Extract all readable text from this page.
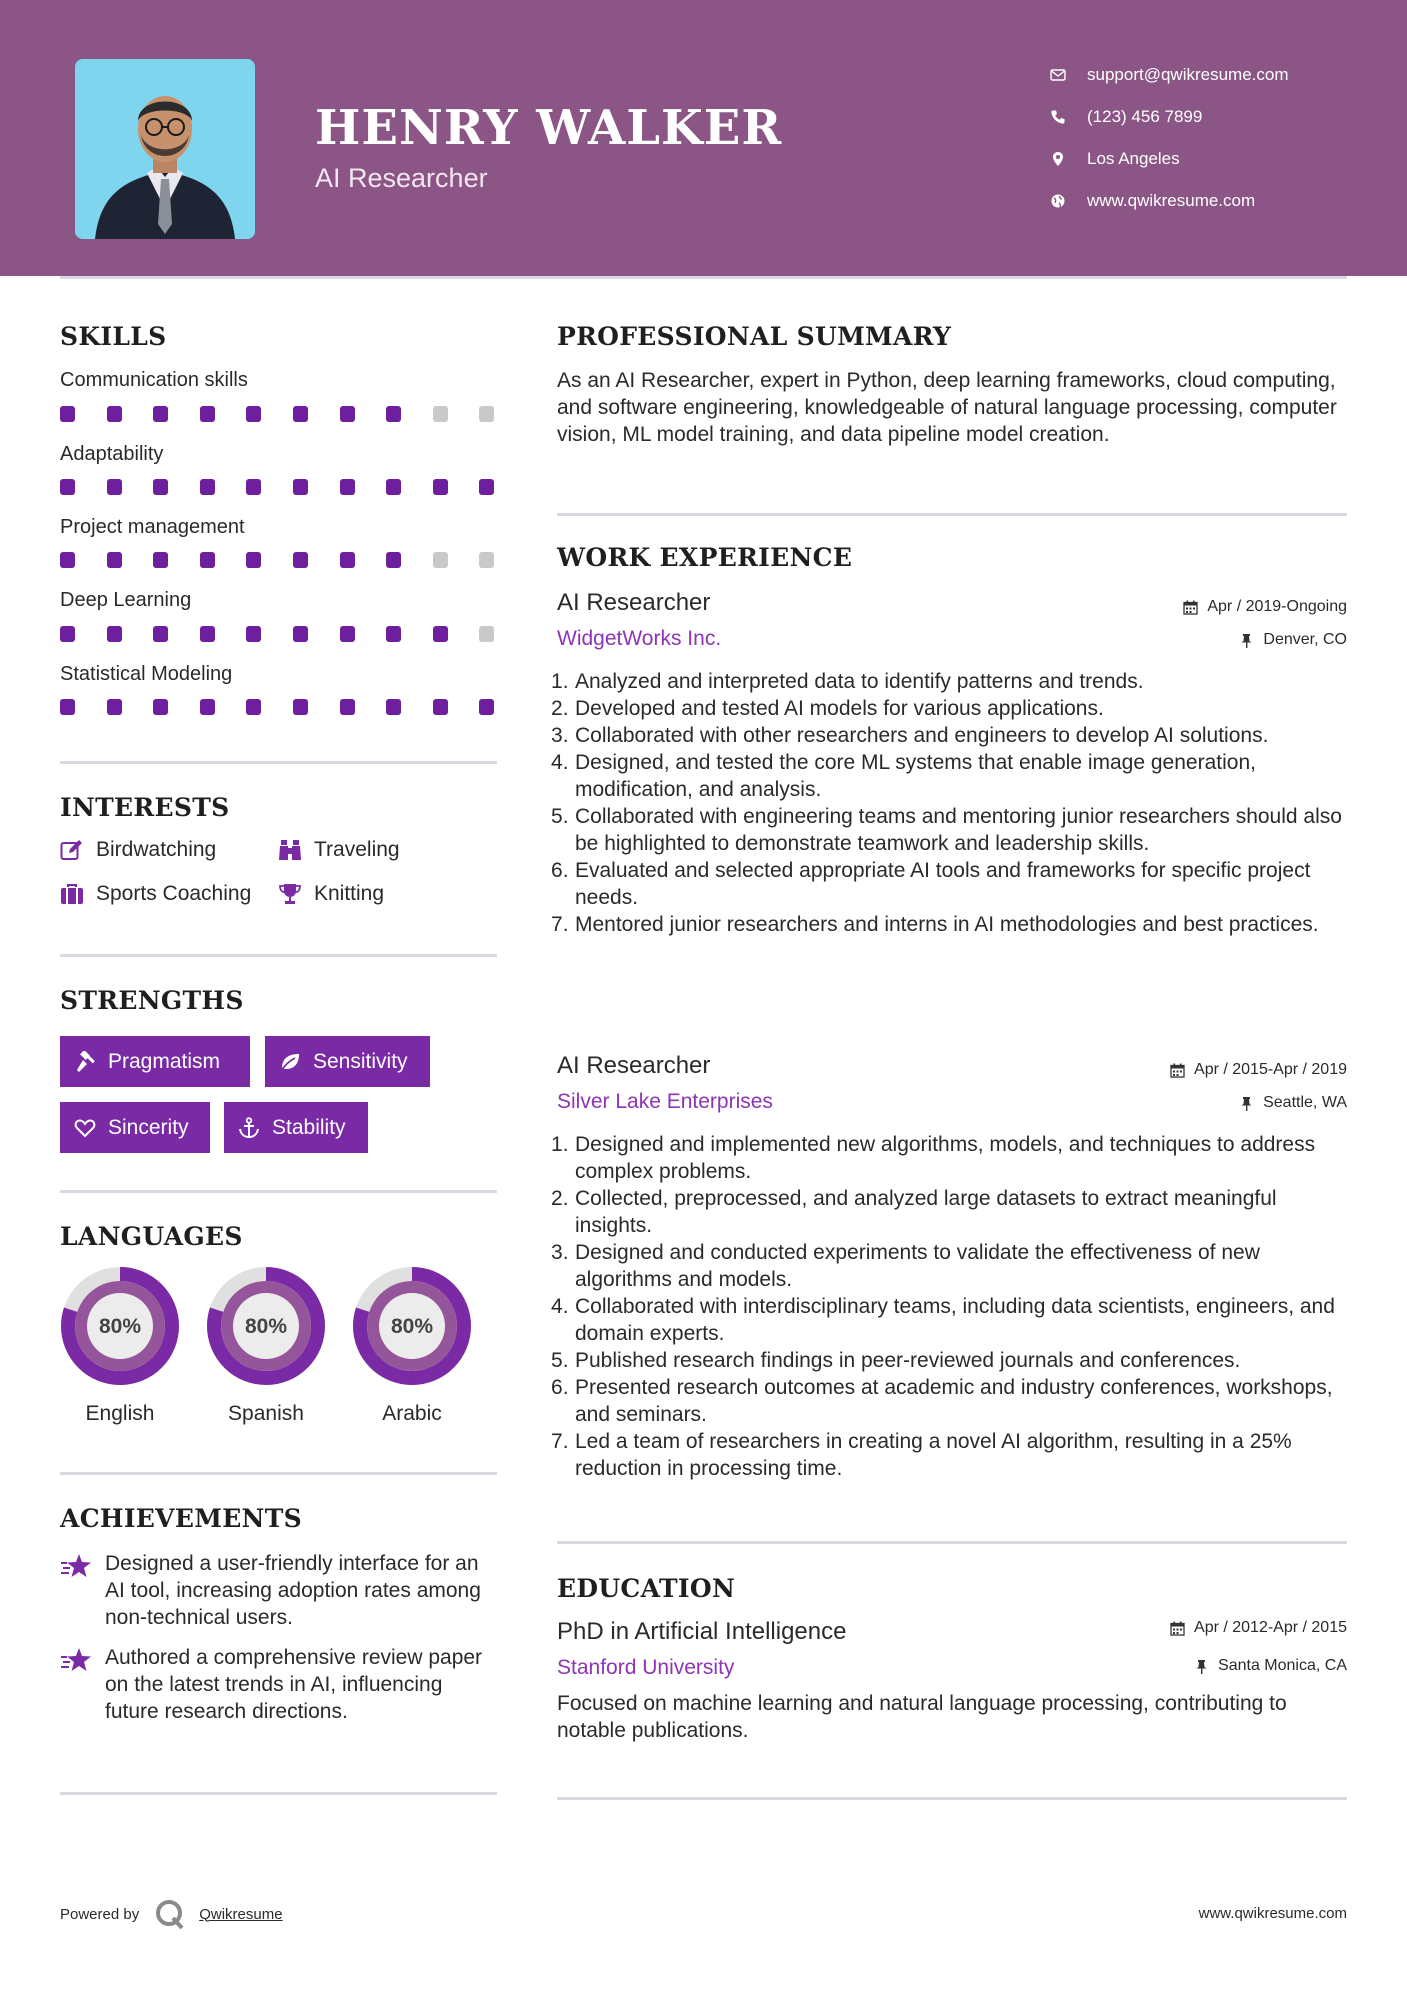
HENRY WALKER
AI Researcher
support@qwikresume.com
(123) 456 7899
Los Angeles
www.qwikresume.com
SKILLS
Communication skills
Adaptability
Project management
Deep Learning
Statistical Modeling
INTERESTS
Birdwatching	Traveling
Sports Coaching	Knitting
STRENGTHS
Pragmatism	Sensitivity
Sincerity	Stability
LANGUAGES
80%
English
80%
Spanish
80%
Arabic
ACHIEVEMENTS

Designed a user-friendly interface for an AI tool, increasing adoption rates among non-technical users.

Authored a comprehensive review paper on the latest trends in AI, influencing future research directions.

PROFESSIONAL SUMMARY
As an AI Researcher, expert in Python, deep learning frameworks, cloud computing, and software engineering, knowledgeable of natural language processing, computer vision, ML model training, and data pipeline model creation.
WORK EXPERIENCE
AI Researcher	Apr / 2019-Ongoing
WidgetWorks Inc.	Denver, CO
Analyzed and interpreted data to identify patterns and trends.
Developed and tested AI models for various applications.
Collaborated with other researchers and engineers to develop AI solutions.
Designed, and tested the core ML systems that enable image generation, modification, and analysis.
Collaborated with engineering teams and mentoring junior researchers should also be highlighted to demonstrate teamwork and leadership skills.
Evaluated and selected appropriate AI tools and frameworks for specific project needs.
Mentored junior researchers and interns in AI methodologies and best practices.
AI Researcher	Apr / 2015-Apr / 2019
Silver Lake Enterprises	Seattle, WA
Designed and implemented new algorithms, models, and techniques to address complex problems.
Collected, preprocessed, and analyzed large datasets to extract meaningful insights.
Designed and conducted experiments to validate the effectiveness of new algorithms and models.
Collaborated with interdisciplinary teams, including data scientists, engineers, and domain experts.
Published research findings in peer-reviewed journals and conferences.
Presented research outcomes at academic and industry conferences, workshops, and seminars.
Led a team of researchers in creating a novel AI algorithm, resulting in a 25% reduction in processing time.
EDUCATION
PhD in Artificial Intelligence	Apr / 2012-Apr / 2015
Stanford University	Santa Monica, CA
Focused on machine learning and natural language processing, contributing to notable publications.
Powered by	Qwikresume	www.qwikresume.com
